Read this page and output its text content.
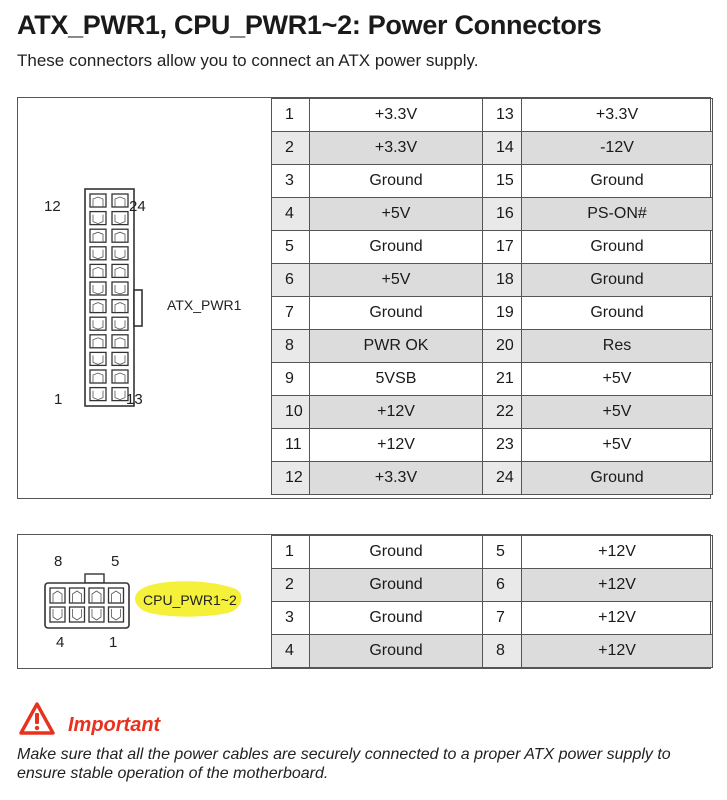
ATX_PWR1, CPU_PWR1~2: Power Connectors
These connectors allow you to connect an ATX power supply.
12	24
1	13
ATX_PWR1
1	+3.3V	13	+3.3V
2	+3.3V	14	-12V
3	Ground	15	Ground
4	+5V	16	PS-ON#
5	Ground	17	Ground
6	+5V	18	Ground
7	Ground	19	Ground
8	PWR OK	20	Res
9	5VSB	21	+5V
10	+12V	22	+5V
11	+12V	23	+5V
12	+3.3V	24	Ground
8	5
4	1
CPU_PWR1~2
1	Ground	5	+12V
2	Ground	6	+12V
3	Ground	7	+12V
4	Ground	8	+12V
Important
Make sure that all the power cables are securely connected to a proper ATX power supply to ensure stable operation of the motherboard.
